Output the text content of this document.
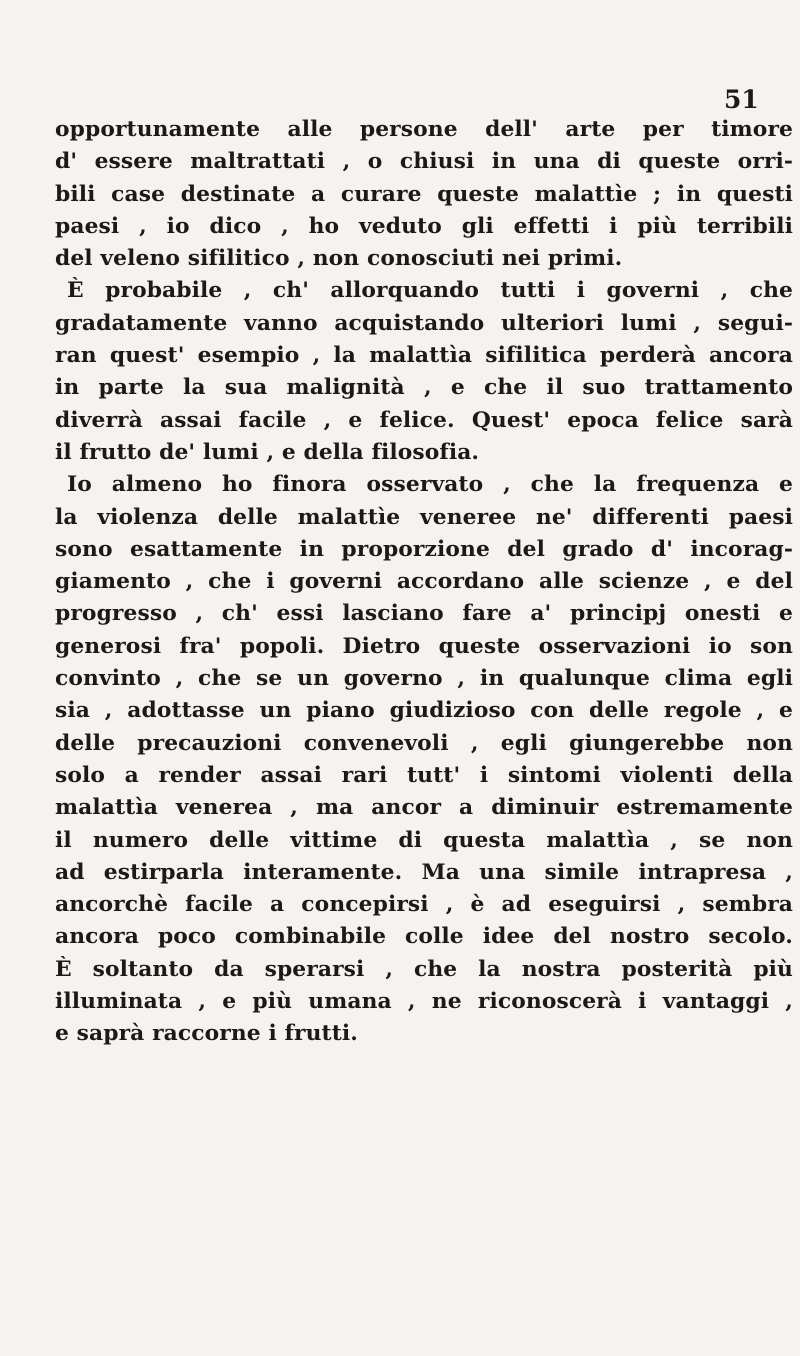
51
opportunamente alle persone dell' arte per timore
d' essere maltrattati , o chiusi in una di queste orri-
bili case destinate a curare queste malattìe ; in questi
paesi , io dico , ho veduto gli effetti i più terribili
del veleno sifilitico , non conosciuti nei primi.
È probabile , ch' allorquando tutti i governi , che
gradatamente vanno acquistando ulteriori lumi , segui-
ran quest' esempio , la malattìa sifilitica perderà ancora
in parte la sua malignità , e che il suo trattamento
diverrà assai facile , e felice. Quest' epoca felice sarà
il frutto de' lumi , e della filosofia.
Io almeno ho finora osservato , che la frequenza e
la violenza delle malattìe veneree ne' differenti paesi
sono esattamente in proporzione del grado d' incorag-
giamento , che i governi accordano alle scienze , e del
progresso , ch' essi lasciano fare a' principj onesti e
generosi fra' popoli. Dietro queste osservazioni io son
convinto , che se un governo , in qualunque clima egli
sia , adottasse un piano giudizioso con delle regole , e
delle precauzioni convenevoli , egli giungerebbe non
solo a render assai rari tutt' i sintomi violenti della
malattìa venerea , ma ancor a diminuir estremamente
il numero delle vittime di questa malattìa , se non
ad estirparla interamente. Ma una simile intrapresa ,
ancorchè facile a concepirsi , è ad eseguirsi , sembra
ancora poco combinabile colle idee del nostro secolo.
È soltanto da sperarsi , che la nostra posterità più
illuminata , e più umana , ne riconoscerà i vantaggi ,
e saprà raccorne i frutti.
